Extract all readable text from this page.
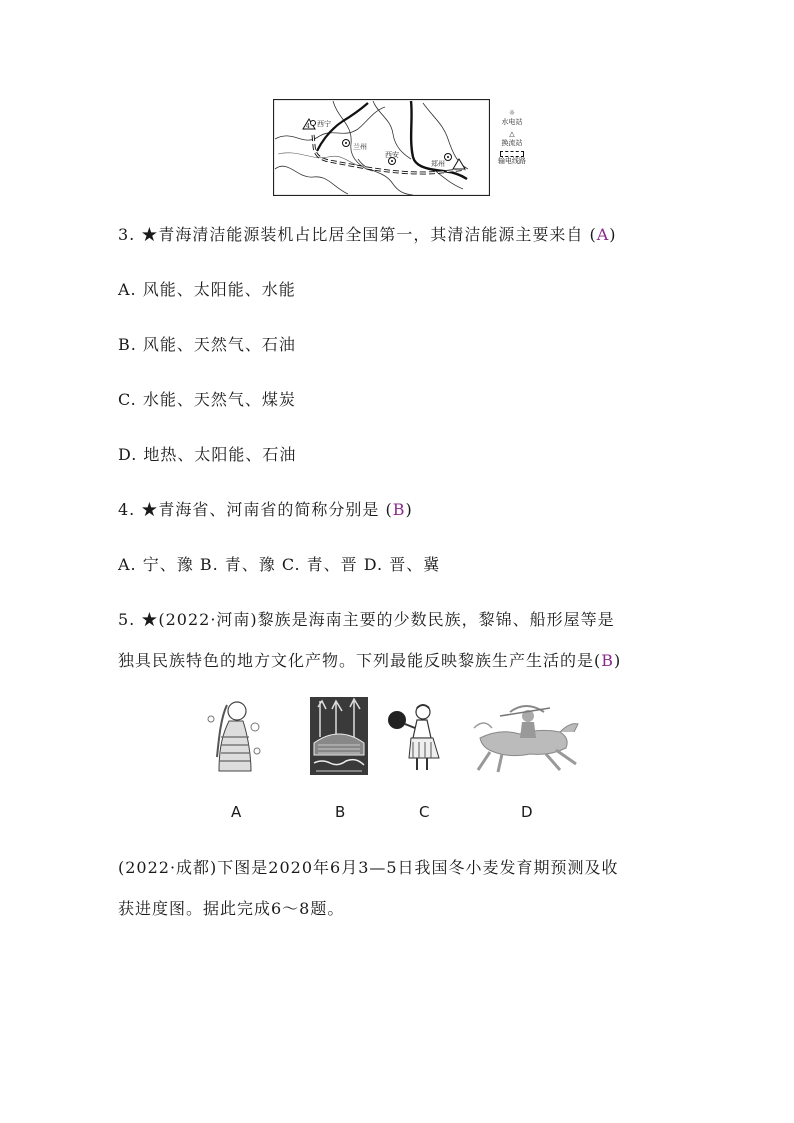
4 西宁
兰州
西安
郑州
☼
水电站
△
换流站
输电线路
3. ★青海清洁能源装机占比居全国第一，其清洁能源主要来自 (A)
A. 风能、太阳能、水能
B. 风能、天然气、石油
C. 水能、天然气、煤炭
D. 地热、太阳能、石油
4. ★青海省、河南省的简称分别是 (B)
A. 宁、豫 B. 青、豫 C. 青、晋 D. 晋、冀
5. ★(2022·河南)黎族是海南主要的少数民族，黎锦、船形屋等是
独具民族特色的地方文化产物。下列最能反映黎族生产生活的是(B)
A	B	C	D
(2022·成都)下图是2020年6月3—5日我国冬小麦发育期预测及收
获进度图。据此完成6～8题。
